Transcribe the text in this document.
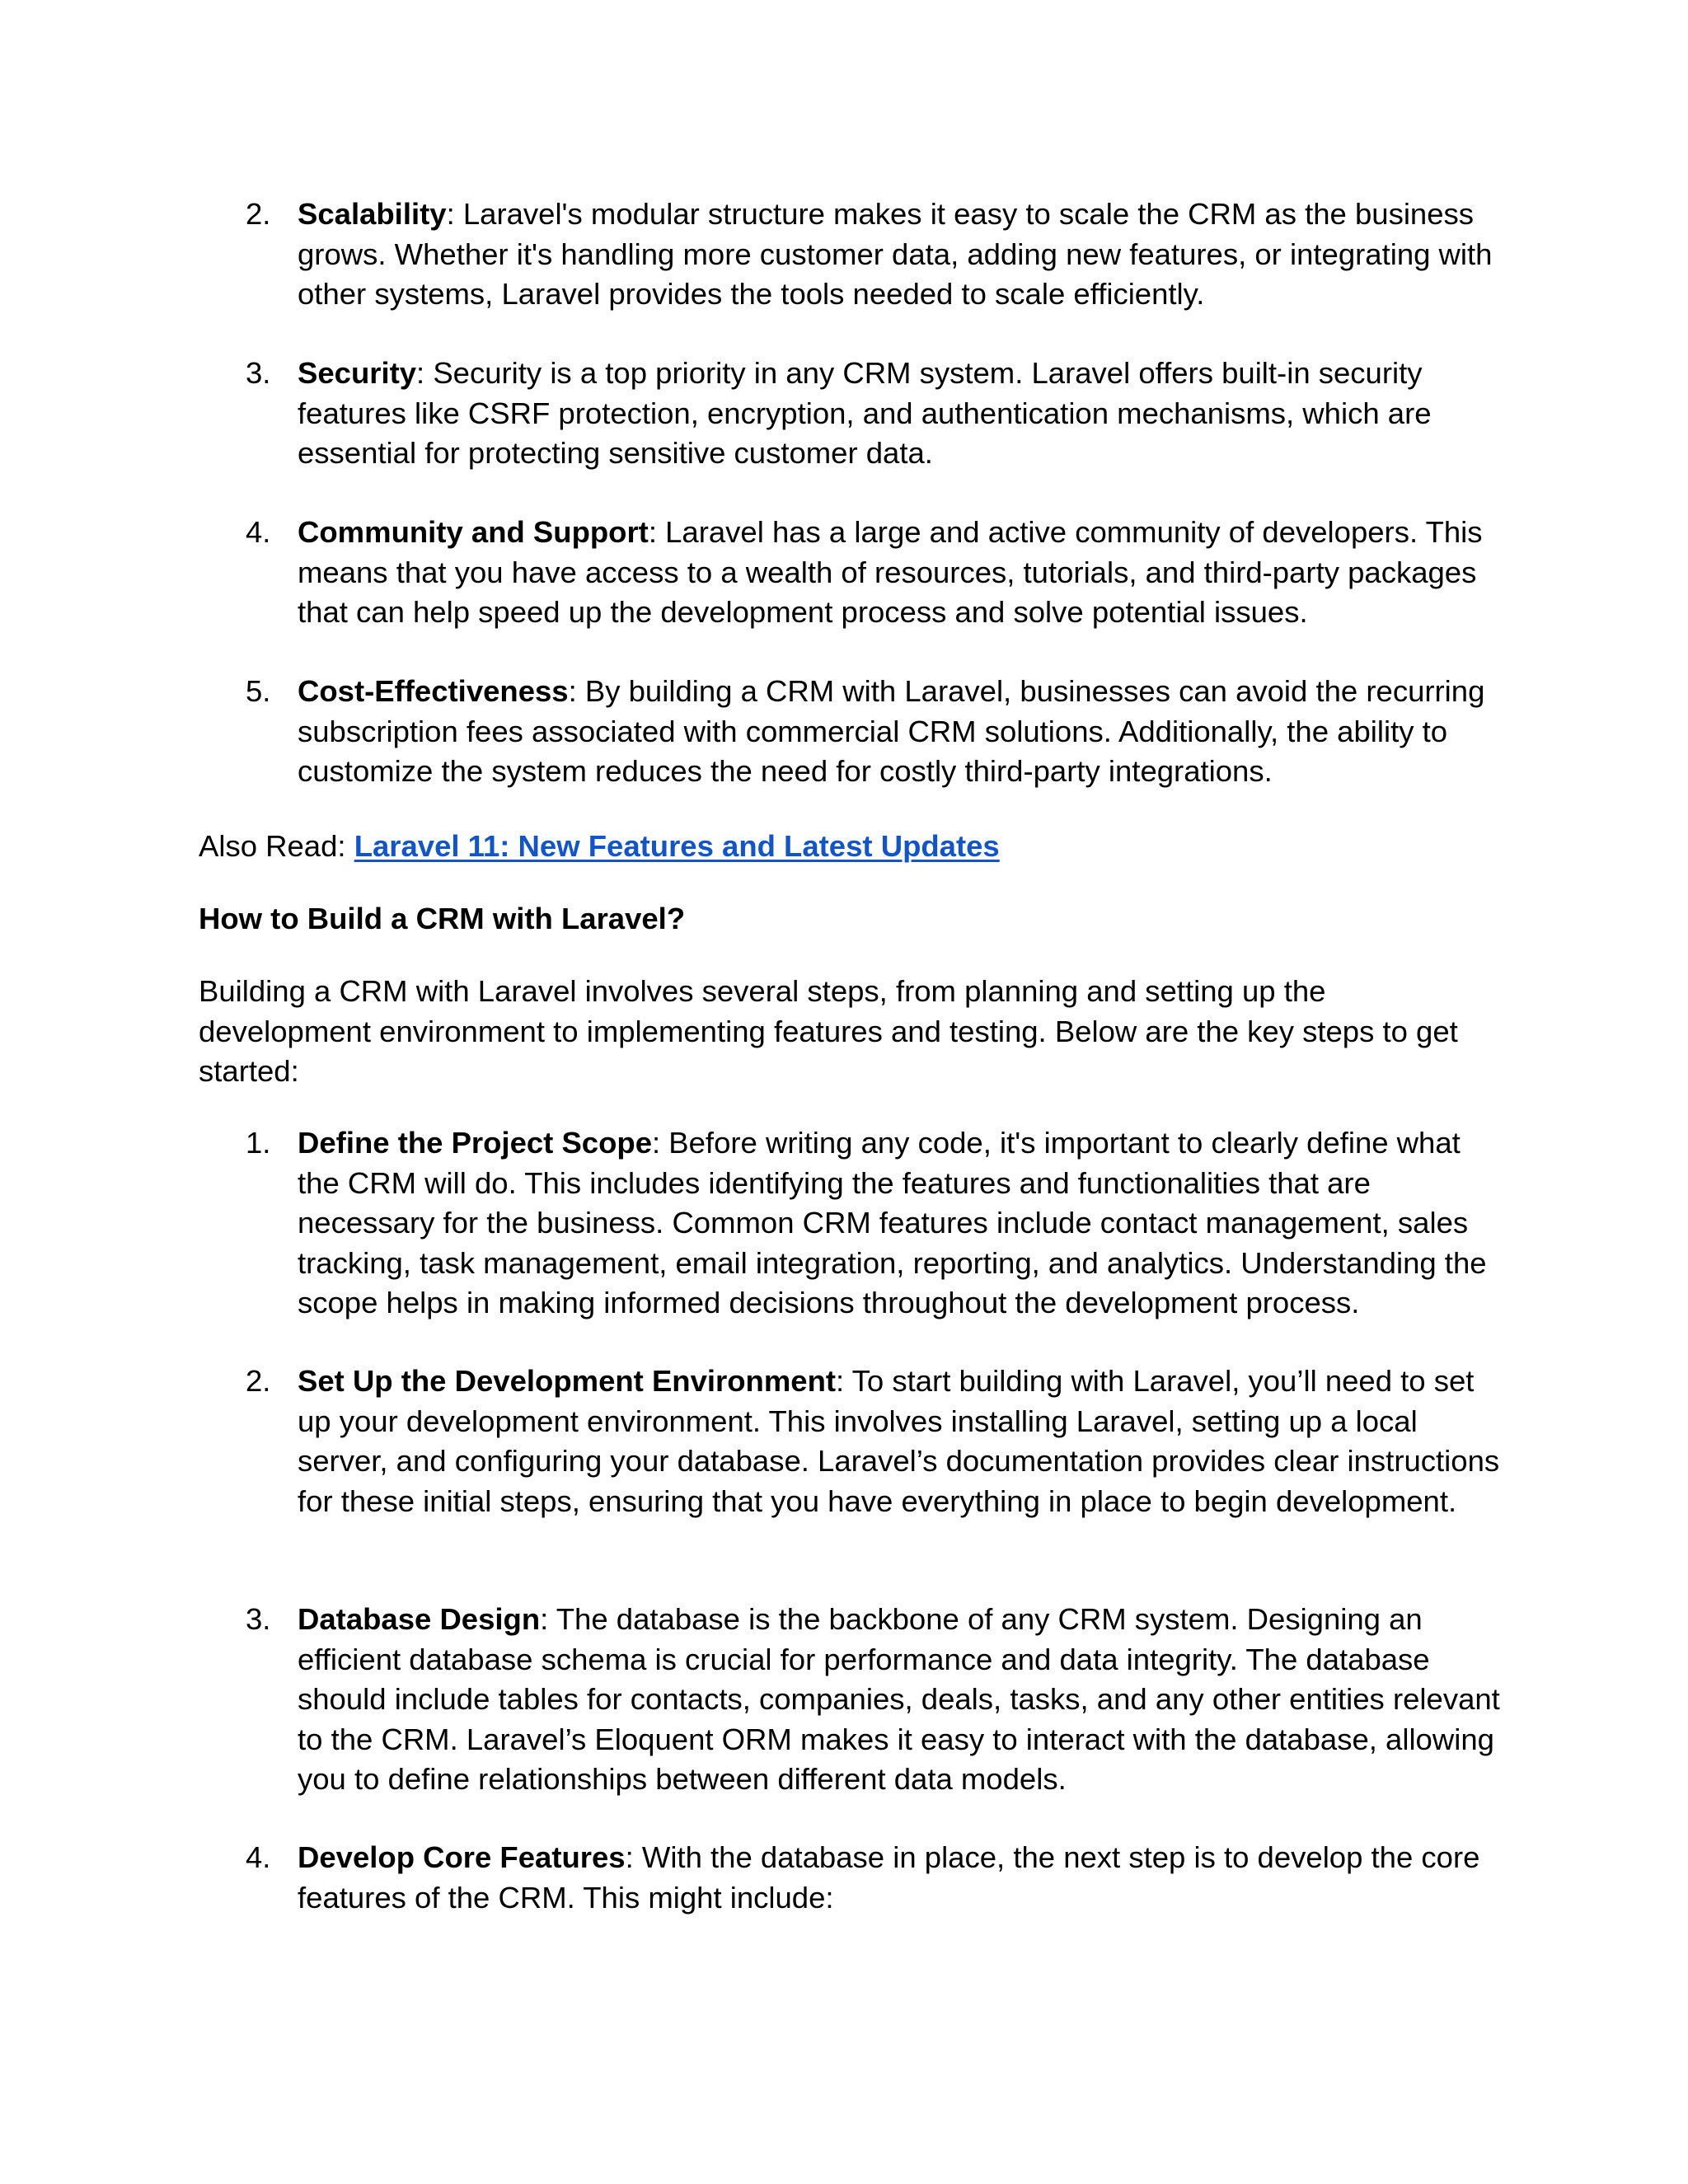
2. Scalability: Laravel's modular structure makes it easy to scale the CRM as the business grows. Whether it's handling more customer data, adding new features, or integrating with other systems, Laravel provides the tools needed to scale efficiently.
3. Security: Security is a top priority in any CRM system. Laravel offers built-in security features like CSRF protection, encryption, and authentication mechanisms, which are essential for protecting sensitive customer data.
4. Community and Support: Laravel has a large and active community of developers. This means that you have access to a wealth of resources, tutorials, and third-party packages that can help speed up the development process and solve potential issues.
5. Cost-Effectiveness: By building a CRM with Laravel, businesses can avoid the recurring subscription fees associated with commercial CRM solutions. Additionally, the ability to customize the system reduces the need for costly third-party integrations.
Also Read: Laravel 11: New Features and Latest Updates
How to Build a CRM with Laravel?
Building a CRM with Laravel involves several steps, from planning and setting up the development environment to implementing features and testing. Below are the key steps to get started:
1. Define the Project Scope: Before writing any code, it's important to clearly define what the CRM will do. This includes identifying the features and functionalities that are necessary for the business. Common CRM features include contact management, sales tracking, task management, email integration, reporting, and analytics. Understanding the scope helps in making informed decisions throughout the development process.
2. Set Up the Development Environment: To start building with Laravel, you’ll need to set up your development environment. This involves installing Laravel, setting up a local server, and configuring your database. Laravel’s documentation provides clear instructions for these initial steps, ensuring that you have everything in place to begin development.
3. Database Design: The database is the backbone of any CRM system. Designing an efficient database schema is crucial for performance and data integrity. The database should include tables for contacts, companies, deals, tasks, and any other entities relevant to the CRM. Laravel’s Eloquent ORM makes it easy to interact with the database, allowing you to define relationships between different data models.
4. Develop Core Features: With the database in place, the next step is to develop the core features of the CRM. This might include:
